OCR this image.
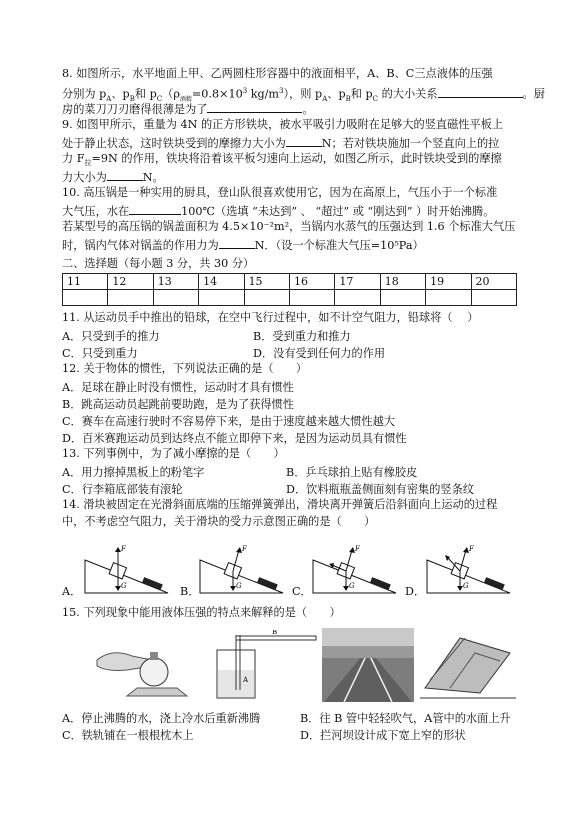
8. 如图所示，水平地面上甲、乙两圆柱形容器中的液面相平，A、B、C三点液体的压强
分别为 $p_A$、$p_B$和 $p_C(\rho_{酒精}=0.8\times 10^3$ $kg/m^3$），则 $p_A$、$p_B$和 $p_C$ 的大小关系	。厨
房的菜刀刀刃磨得很薄是为了	。
9. 如图甲所示，重量为 4N 的正方形铁块，被水平吸引力吸附在足够大的竖直磁性平板上
处于静止状态，这时铁块受到的摩擦力大小为	N；若对铁块施加一个竖直向上的拉
力 $F_拉=9N$ 的作用，铁块将沿着该平板匀速向上运动，如图乙所示，此时铁块受到的摩擦
力大小为	N。
10. 高压锅是一种实用的厨具，登山队很喜欢使用它，因为在高原上，气压小于一个标准
大气压，水在	100℃（选填 “未达到” 、 “超过” 或 “刚达到” ）时开始沸腾。
若某型号的高压锅的锅盖面积为 4.5×10⁻²m²，当锅内水蒸气的压强达到 1.6 个标准大气压
时，锅内气体对锅盖的作用力为	N．（设一个标准大气压=10⁵Pa）
二、选择题（每小题 3 分，共 30 分）
11	12	13	14	15	16	17	18	19	20

11. 从运动员手中推出的铅球，在空中飞行过程中，如不计空气阻力，铅球将（　 ）
A．只受到手的推力	B．受到重力和推力
C．只受到重力	D．没有受到任何力的作用
12. 关于物体的惯性，下列说法正确的是（　　）
A．足球在静止时没有惯性，运动时才具有惯性
B．跳高运动员起跳前要助跑，是为了获得惯性
C．赛车在高速行驶时不容易停下来，是由于速度越来越大惯性越大
D．百米赛跑运动员到达终点不能立即停下来，是因为运动员具有惯性
13. 下列事例中，为了减小摩擦的是（　　）
A．用力擦掉黑板上的粉笔字	B．乒乓球拍上贴有橡胶皮
C．行李箱底部装有滚轮	D．饮料瓶瓶盖侧面刻有密集的竖条纹
14. 滑块被固定在光滑斜面底端的压缩弹簧弹出，滑块离开弹簧后沿斜面向上运动的过程
中，不考虑空气阻力，关于滑块的受力示意图正确的是（　　）
A．
F
G	B．
F
G	C．
F
G	D．
F
G
15. 下列现象中能用液体压强的特点来解释的是（　　）
A
B
A．停止沸腾的水，浇上冷水后重新沸腾	B．往 B 管中轻轻吹气，A管中的水面上升
C．铁轨铺在一根根枕木上	D．拦河坝设计成下宽上窄的形状
